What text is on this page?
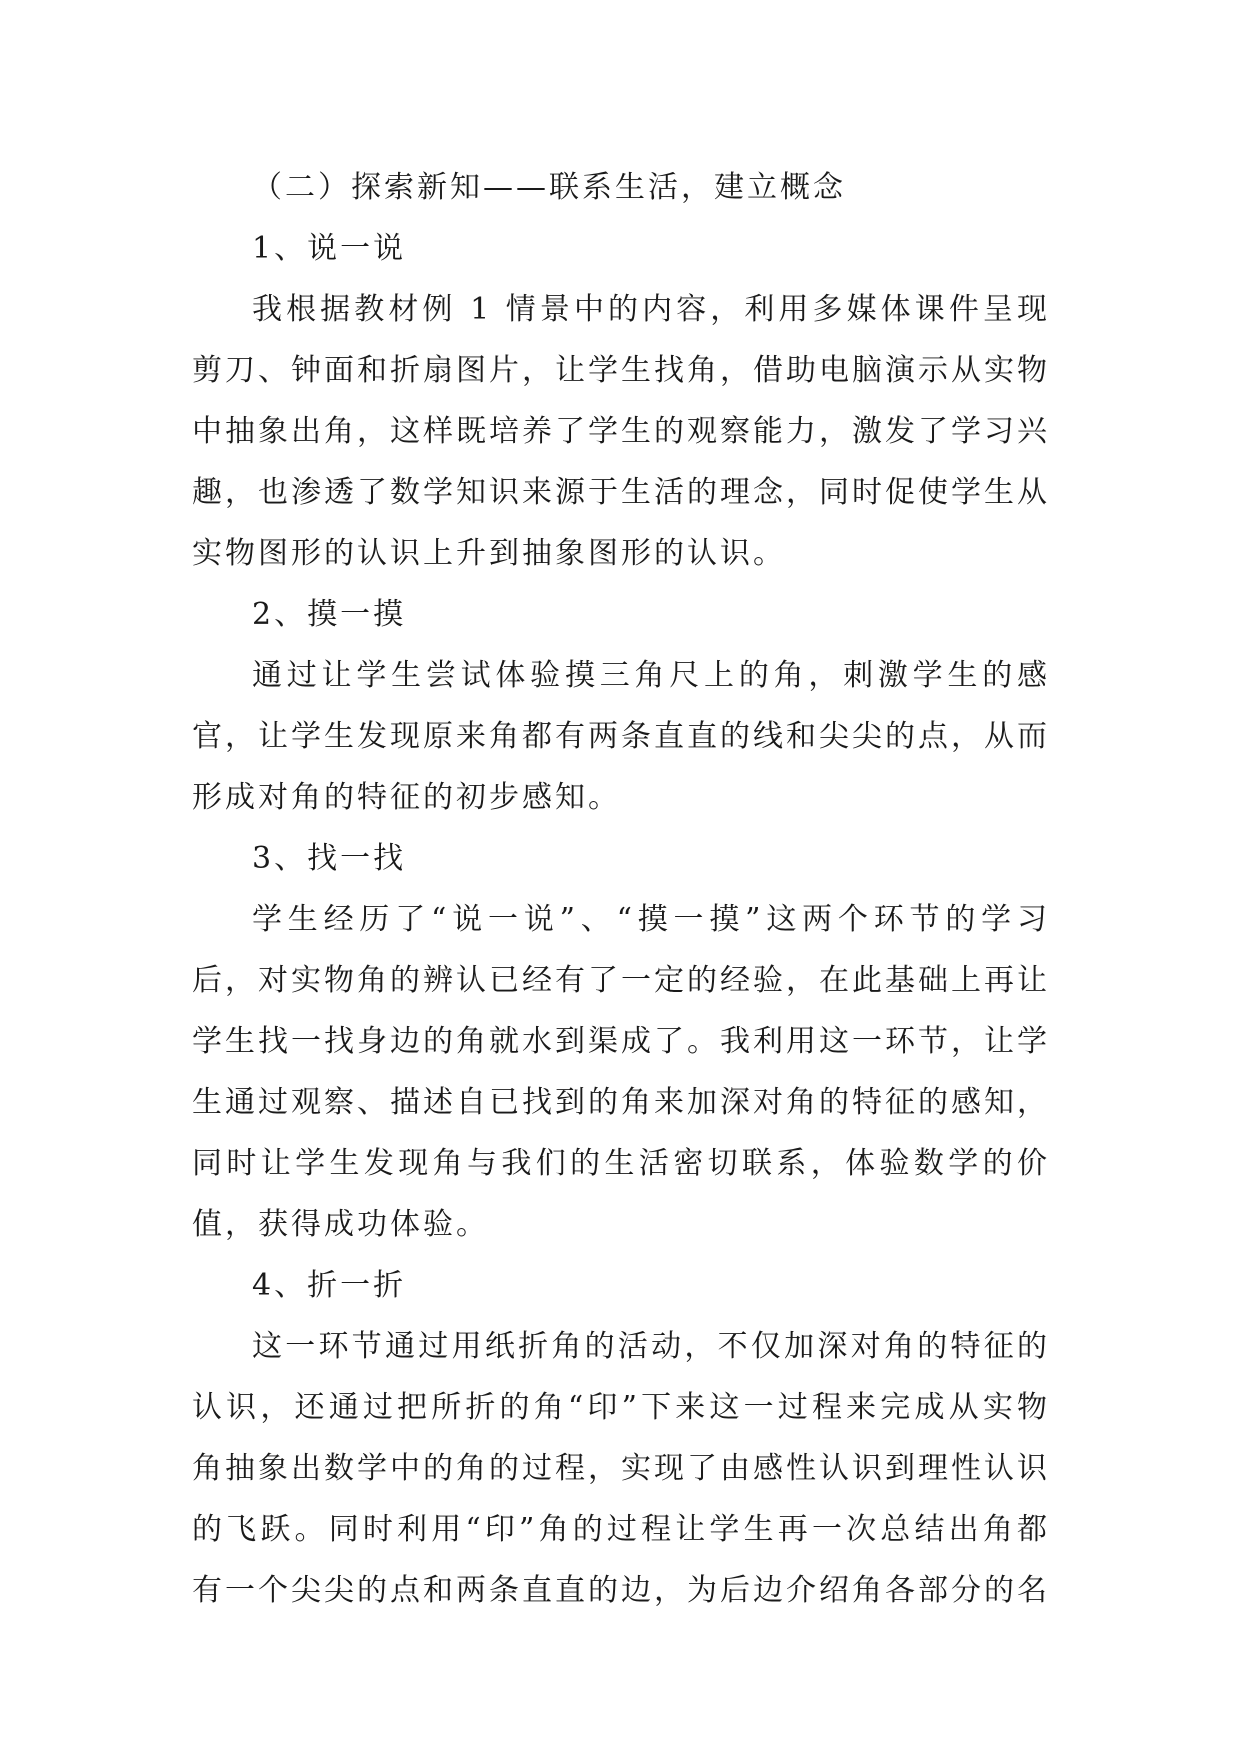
（二）探索新知——联系生活，建立概念

1、说一说

我根据教材例 1 情景中的内容，利用多媒体课件呈现剪刀、钟面和折扇图片，让学生找角，借助电脑演示从实物中抽象出角，这样既培养了学生的观察能力，激发了学习兴趣，也渗透了数学知识来源于生活的理念，同时促使学生从实物图形的认识上升到抽象图形的认识。

2、摸一摸

通过让学生尝试体验摸三角尺上的角，刺激学生的感官，让学生发现原来角都有两条直直的线和尖尖的点，从而形成对角的特征的初步感知。

3、找一找

学生经历了“说一说”、“摸一摸”这两个环节的学习后，对实物角的辨认已经有了一定的经验，在此基础上再让学生找一找身边的角就水到渠成了。我利用这一环节，让学生通过观察、描述自已找到的角来加深对角的特征的感知，同时让学生发现角与我们的生活密切联系，体验数学的价值，获得成功体验。

4、折一折

这一环节通过用纸折角的活动，不仅加深对角的特征的认识，还通过把所折的角“印”下来这一过程来完成从实物角抽象出数学中的角的过程，实现了由感性认识到理性认识的飞跃。同时利用“印”角的过程让学生再一次总结出角都有一个尖尖的点和两条直直的边，为后边介绍角各部分的名
